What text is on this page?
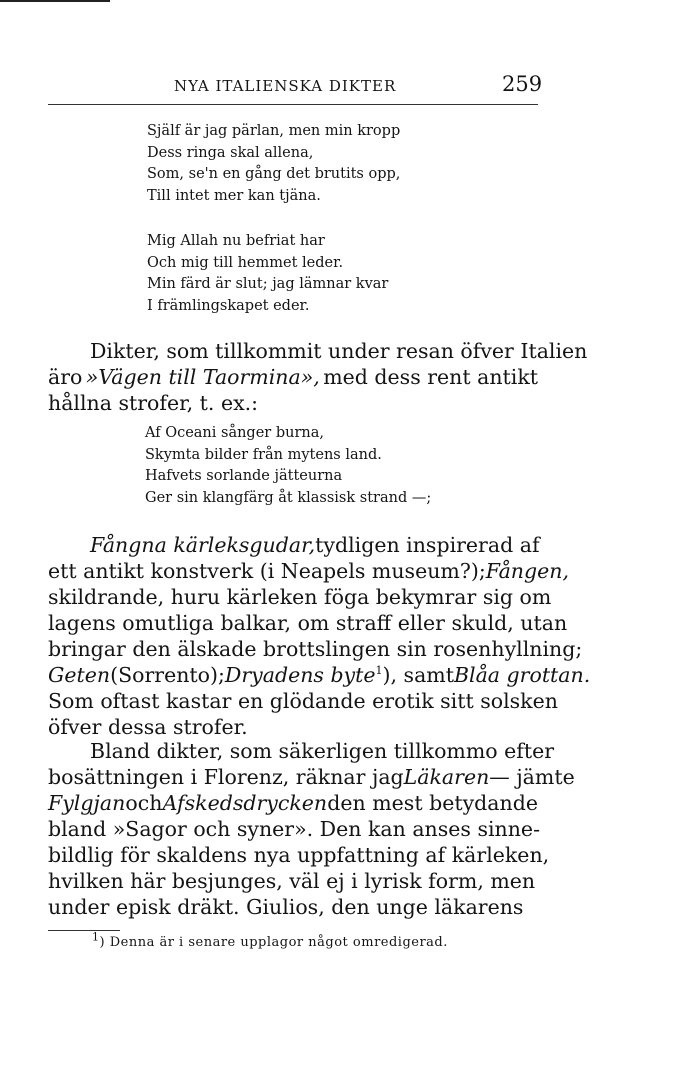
NYA ITALIENSKA DIKTER	259
Själf är jag pärlan, men min kropp
Dess ringa skal allena,
Som, se'n en gång det brutits opp,
Till intet mer kan tjäna.
Mig Allah nu befriat har
Och mig till hemmet leder.
Min färd är slut; jag lämnar kvar
I främlingskapet eder.
Dikter, som tillkommit under resan öfver Italien
äro »Vägen till Taormina», med dess rent antikt
hållna strofer, t. ex.:
Af Oceani sånger burna,
Skymta bilder från mytens land.
Hafvets sorlande jätteurna
Ger sin klangfärg åt klassisk strand —;
Fångna kärleksgudar, tydligen inspirerad af
ett antikt konstverk (i Neapels museum?); Fången,
skildrande, huru kärleken föga bekymrar sig om
lagens omutliga balkar, om straff eller skuld, utan
bringar den älskade brottslingen sin rosenhyllning;
Geten (Sorrento); Dryadens byte$^1$), samt Blåa grottan.
Som oftast kastar en glödande erotik sitt solsken
öfver dessa strofer.
Bland dikter, som säkerligen tillkommo efter
bosättningen i Florenz, räknar jag Läkaren — jämte
Fylgjan och Afskedsdrycken den mest betydande
bland »Sagor och syner». Den kan anses sinne-
bildlig för skaldens nya uppfattning af kärleken,
hvilken här besjunges, väl ej i lyrisk form, men
under episk dräkt. Giulios, den unge läkarens
$^1$) Denna är i senare upplagor något omredigerad.
